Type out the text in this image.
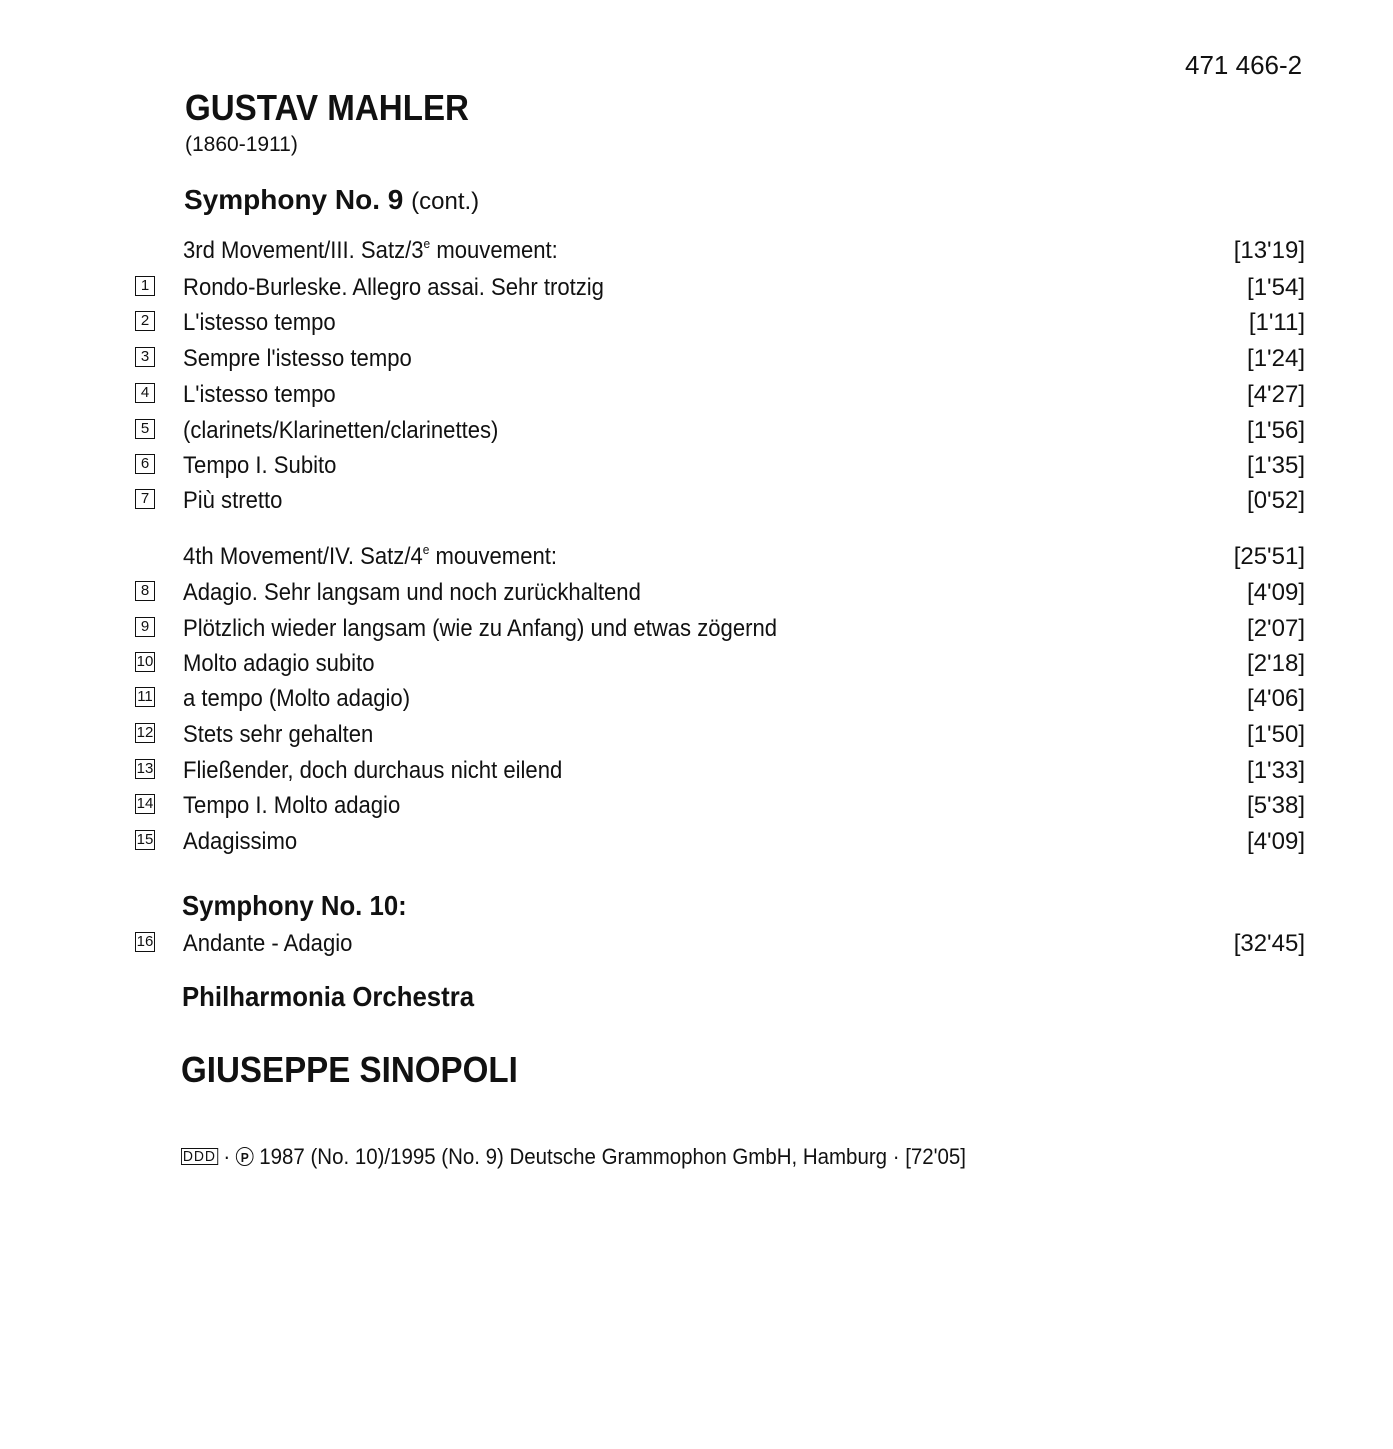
471 466-2
GUSTAV MAHLER
(1860-1911)
Symphony No. 9 (cont.)
3rd Movement/III. Satz/3e mouvement:	[13'19]
1 Rondo-Burleske. Allegro assai. Sehr trotzig	[1'54]
2 L'istesso tempo	[1'11]
3 Sempre l'istesso tempo	[1'24]
4 L'istesso tempo	[4'27]
5 (clarinets/Klarinetten/clarinettes)	[1'56]
6 Tempo I. Subito	[1'35]
7 Più stretto	[0'52]
4th Movement/IV. Satz/4e mouvement:	[25'51]
8 Adagio. Sehr langsam und noch zurückhaltend	[4'09]
9 Plötzlich wieder langsam (wie zu Anfang) und etwas zögernd	[2'07]
10 Molto adagio subito	[2'18]
11 a tempo (Molto adagio)	[4'06]
12 Stets sehr gehalten	[1'50]
13 Fließender, doch durchaus nicht eilend	[1'33]
14 Tempo I. Molto adagio	[5'38]
15 Adagissimo	[4'09]
Symphony No. 10:
16 Andante - Adagio	[32'45]
Philharmonia Orchestra
GIUSEPPE SINOPOLI
DDD · P 1987 (No. 10)/1995 (No. 9) Deutsche Grammophon GmbH, Hamburg · [72'05]
